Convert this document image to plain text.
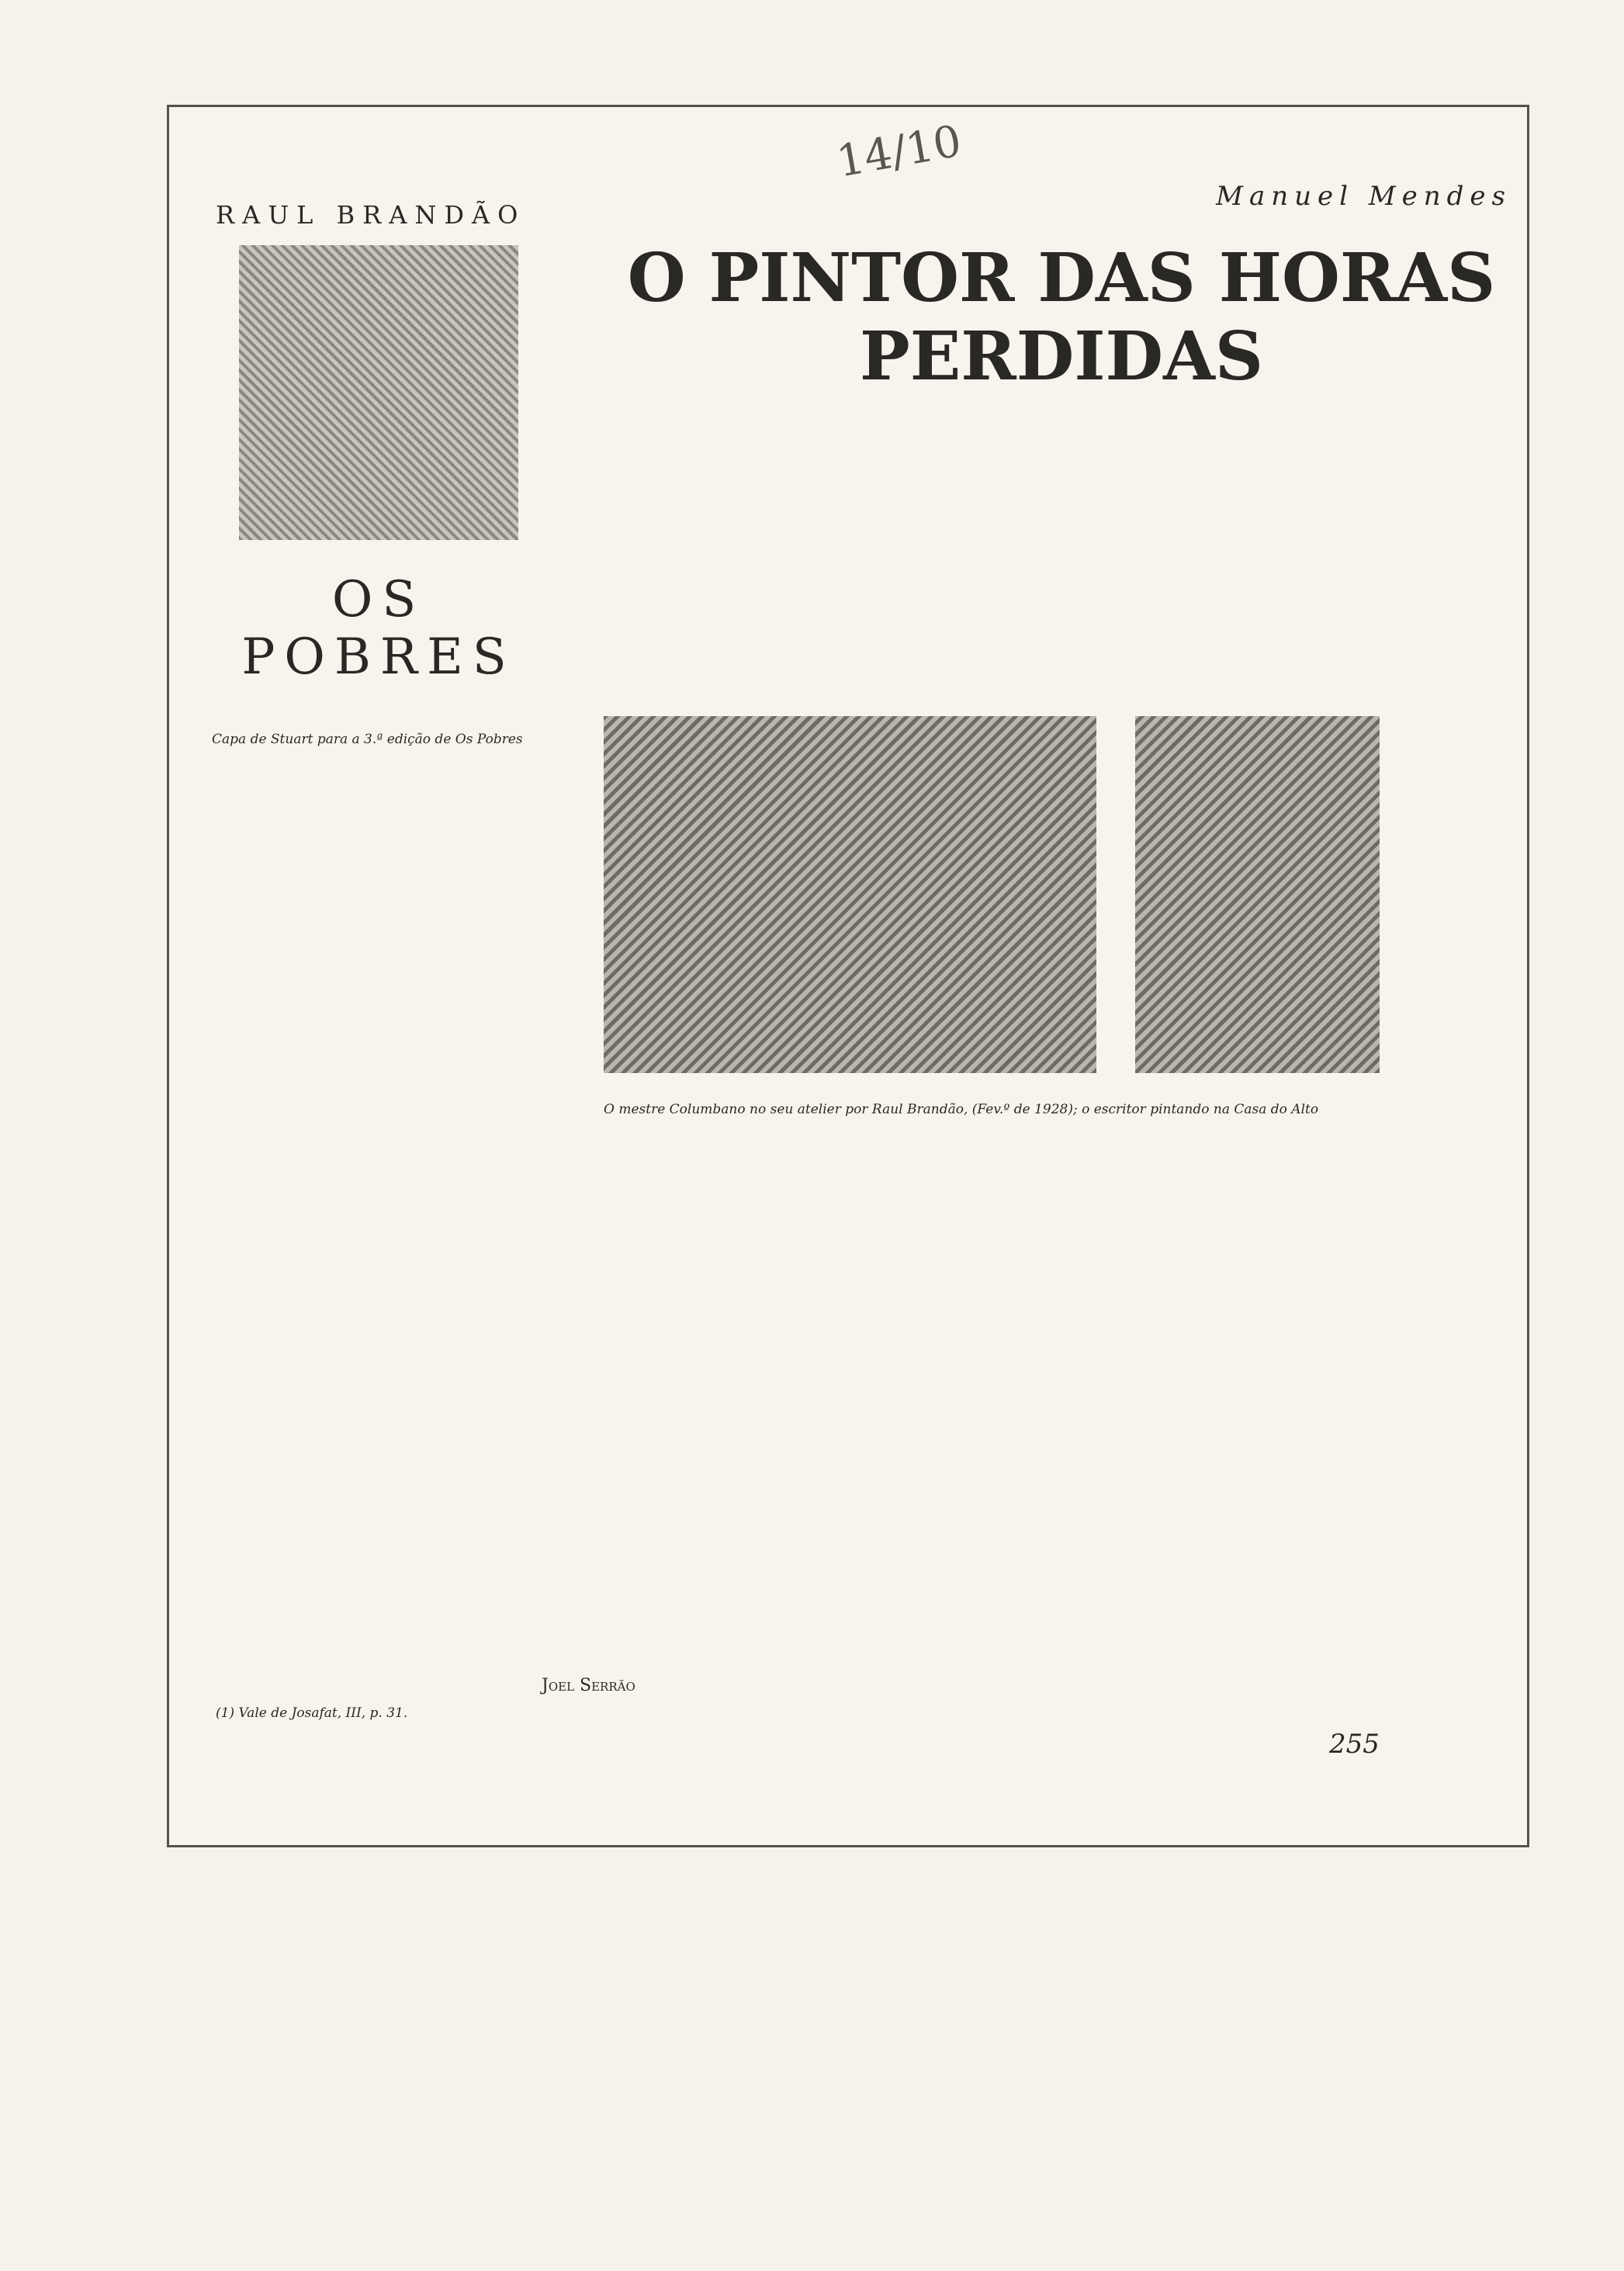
RAUL BRANDÃO
OS POBRES
Capa de Stuart para a 3.ª edição de Os Pobres
14/10
Manuel Mendes
O PINTOR DAS HORAS PERDIDAS
O mestre Columbano no seu atelier por Raul Brandão, (Fev.º de 1928); o escritor pintando na Casa do Alto
Joel Serrão
(1) Vale de Josafat, III, p. 31.
255
